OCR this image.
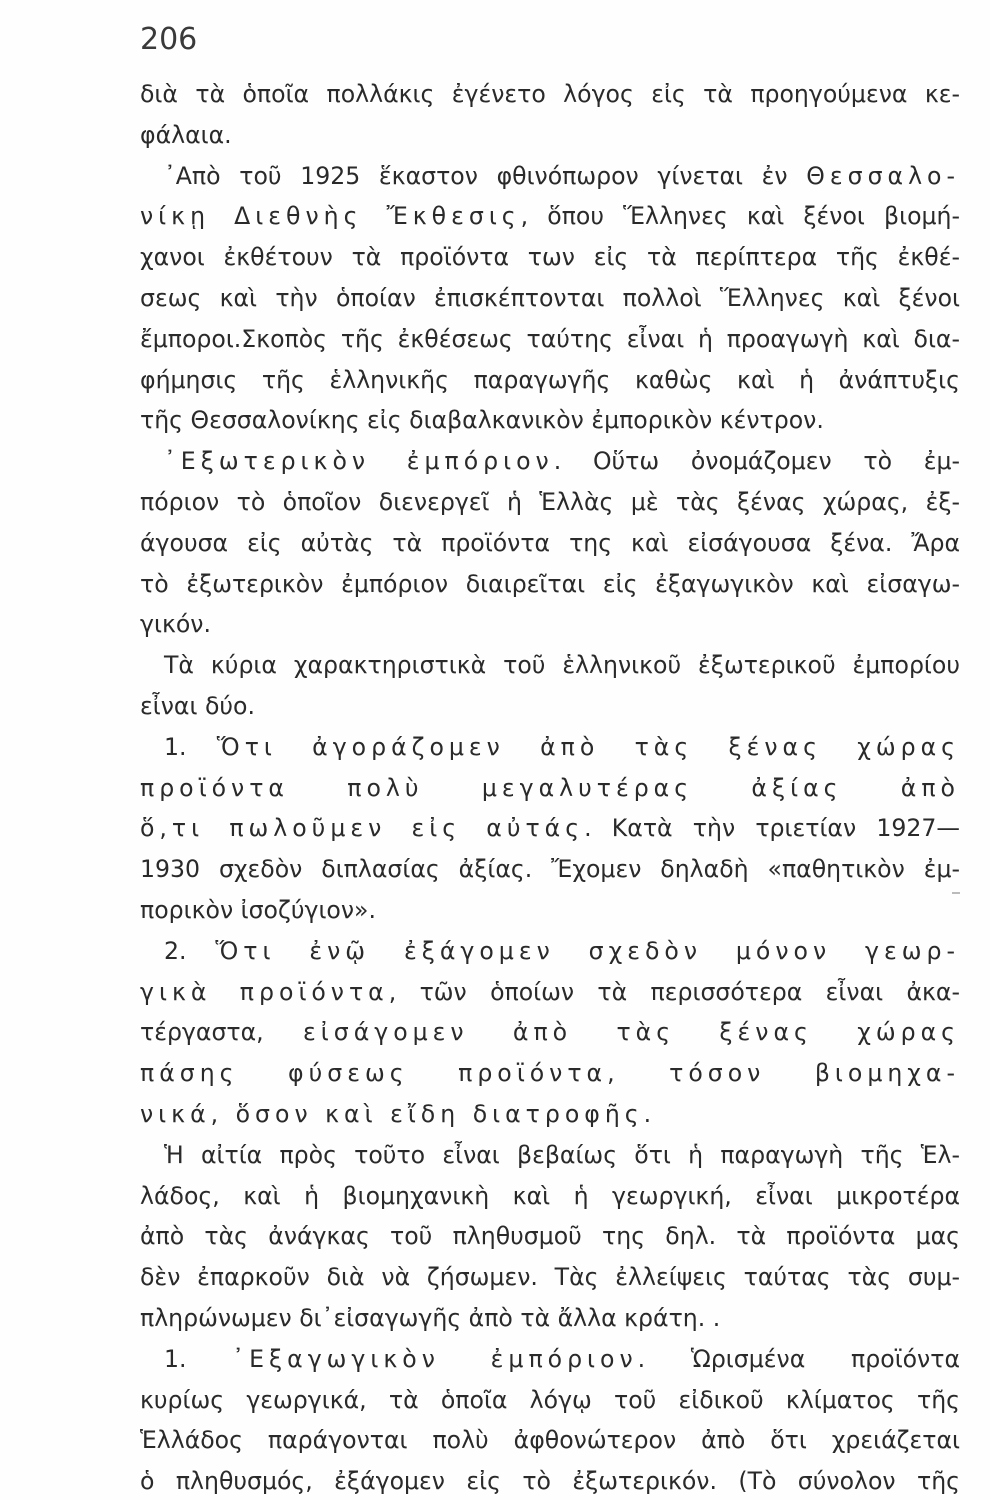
206
διὰ τὰ ὁποῖα πολλάκις ἐγένετο λόγος εἰς τὰ προηγούμενα κε-
φάλαια.
᾿Απὸ τοῦ 1925 ἕκαστον φθινόπωρον γίνεται ἐν Θεσσαλο-
νίκῃ Διεθνὴς Ἔκθεσις, ὅπου Ἕλληνες καὶ ξένοι βιομή-
χανοι ἐκθέτουν τὰ προϊόντα των εἰς τὰ περίπτερα τῆς ἐκθέ-
σεως καὶ τὴν ὁποίαν ἐπισκέπτονται πολλοὶ Ἕλληνες καὶ ξένοι
ἔμποροι.Σκοπὸς τῆς ἐκθέσεως ταύτης εἶναι ἡ προαγωγὴ καὶ δια-
φήμησις τῆς ἑλληνικῆς παραγωγῆς καθὼς καὶ ἡ ἀνάπτυξις
τῆς Θεσσαλονίκης εἰς διαβαλκανικὸν ἐμπορικὸν κέντρον.
᾿Εξωτερικὸν ἐμπόριον. Οὕτω ὀνομάζομεν τὸ ἐμ-
πόριον τὸ ὁποῖον διενεργεῖ ἡ Ἑλλὰς μὲ τὰς ξένας χώρας, ἐξ-
άγουσα εἰς αὐτὰς τὰ προϊόντα της καὶ εἰσάγουσα ξένα. Ἄρα
τὸ ἐξωτερικὸν ἐμπόριον διαιρεῖται εἰς ἐξαγωγικὸν καὶ εἰσαγω-
γικόν.
Τὰ κύρια χαρακτηριστικὰ τοῦ ἑλληνικοῦ ἐξωτερικοῦ ἐμπορίου
εἶναι δύο.
1. Ὅτι ἀγοράζομεν ἀπὸ τὰς ξένας χώρας
προϊόντα πολὺ μεγαλυτέρας ἀξίας ἀπὸ
ὅ,τι πωλοῦμεν εἰς αὐτάς. Κατὰ τὴν τριετίαν 1927—
1930 σχεδὸν διπλασίας ἀξίας. Ἔχομεν δηλαδὴ «παθητικὸν ἐμ-
πορικὸν ἰσοζύγιον».
2. Ὅτι ἐνῷ ἐξάγομεν σχεδὸν μόνον γεωρ-
γικὰ προϊόντα, τῶν ὁποίων τὰ περισσότερα εἶναι ἀκα-
τέργαστα, εἰσάγομεν ἀπὸ τὰς ξένας χώρας
πάσης φύσεως προϊόντα, τόσον βιομηχα-
νικά, ὅσον καὶ εἴδη διατροφῆς.
Ἡ αἰτία πρὸς τοῦτο εἶναι βεβαίως ὅτι ἡ παραγωγὴ τῆς Ἑλ-
λάδος, καὶ ἡ βιομηχανικὴ καὶ ἡ γεωργική, εἶναι μικροτέρα
ἀπὸ τὰς ἀνάγκας τοῦ πληθυσμοῦ της δηλ. τὰ προϊόντα μας
δὲν ἐπαρκοῦν διὰ νὰ ζήσωμεν. Τὰς ἐλλείψεις ταύτας τὰς συμ-
πληρώνωμεν δι᾿εἰσαγωγῆς ἀπὸ τὰ ἄλλα κράτη. .
1. ᾿Εξαγωγικὸν ἐμπόριον. Ὡρισμένα προϊόντα
κυρίως γεωργικά, τὰ ὁποῖα λόγῳ τοῦ εἰδικοῦ κλίματος τῆς
Ἑλλάδος παράγονται πολὺ ἀφθονώτερον ἀπὸ ὅτι χρειάζεται
ὁ πληθυσμός, ἐξάγομεν εἰς τὸ ἐξωτερικόν. (Τὸ σύνολον τῆς
